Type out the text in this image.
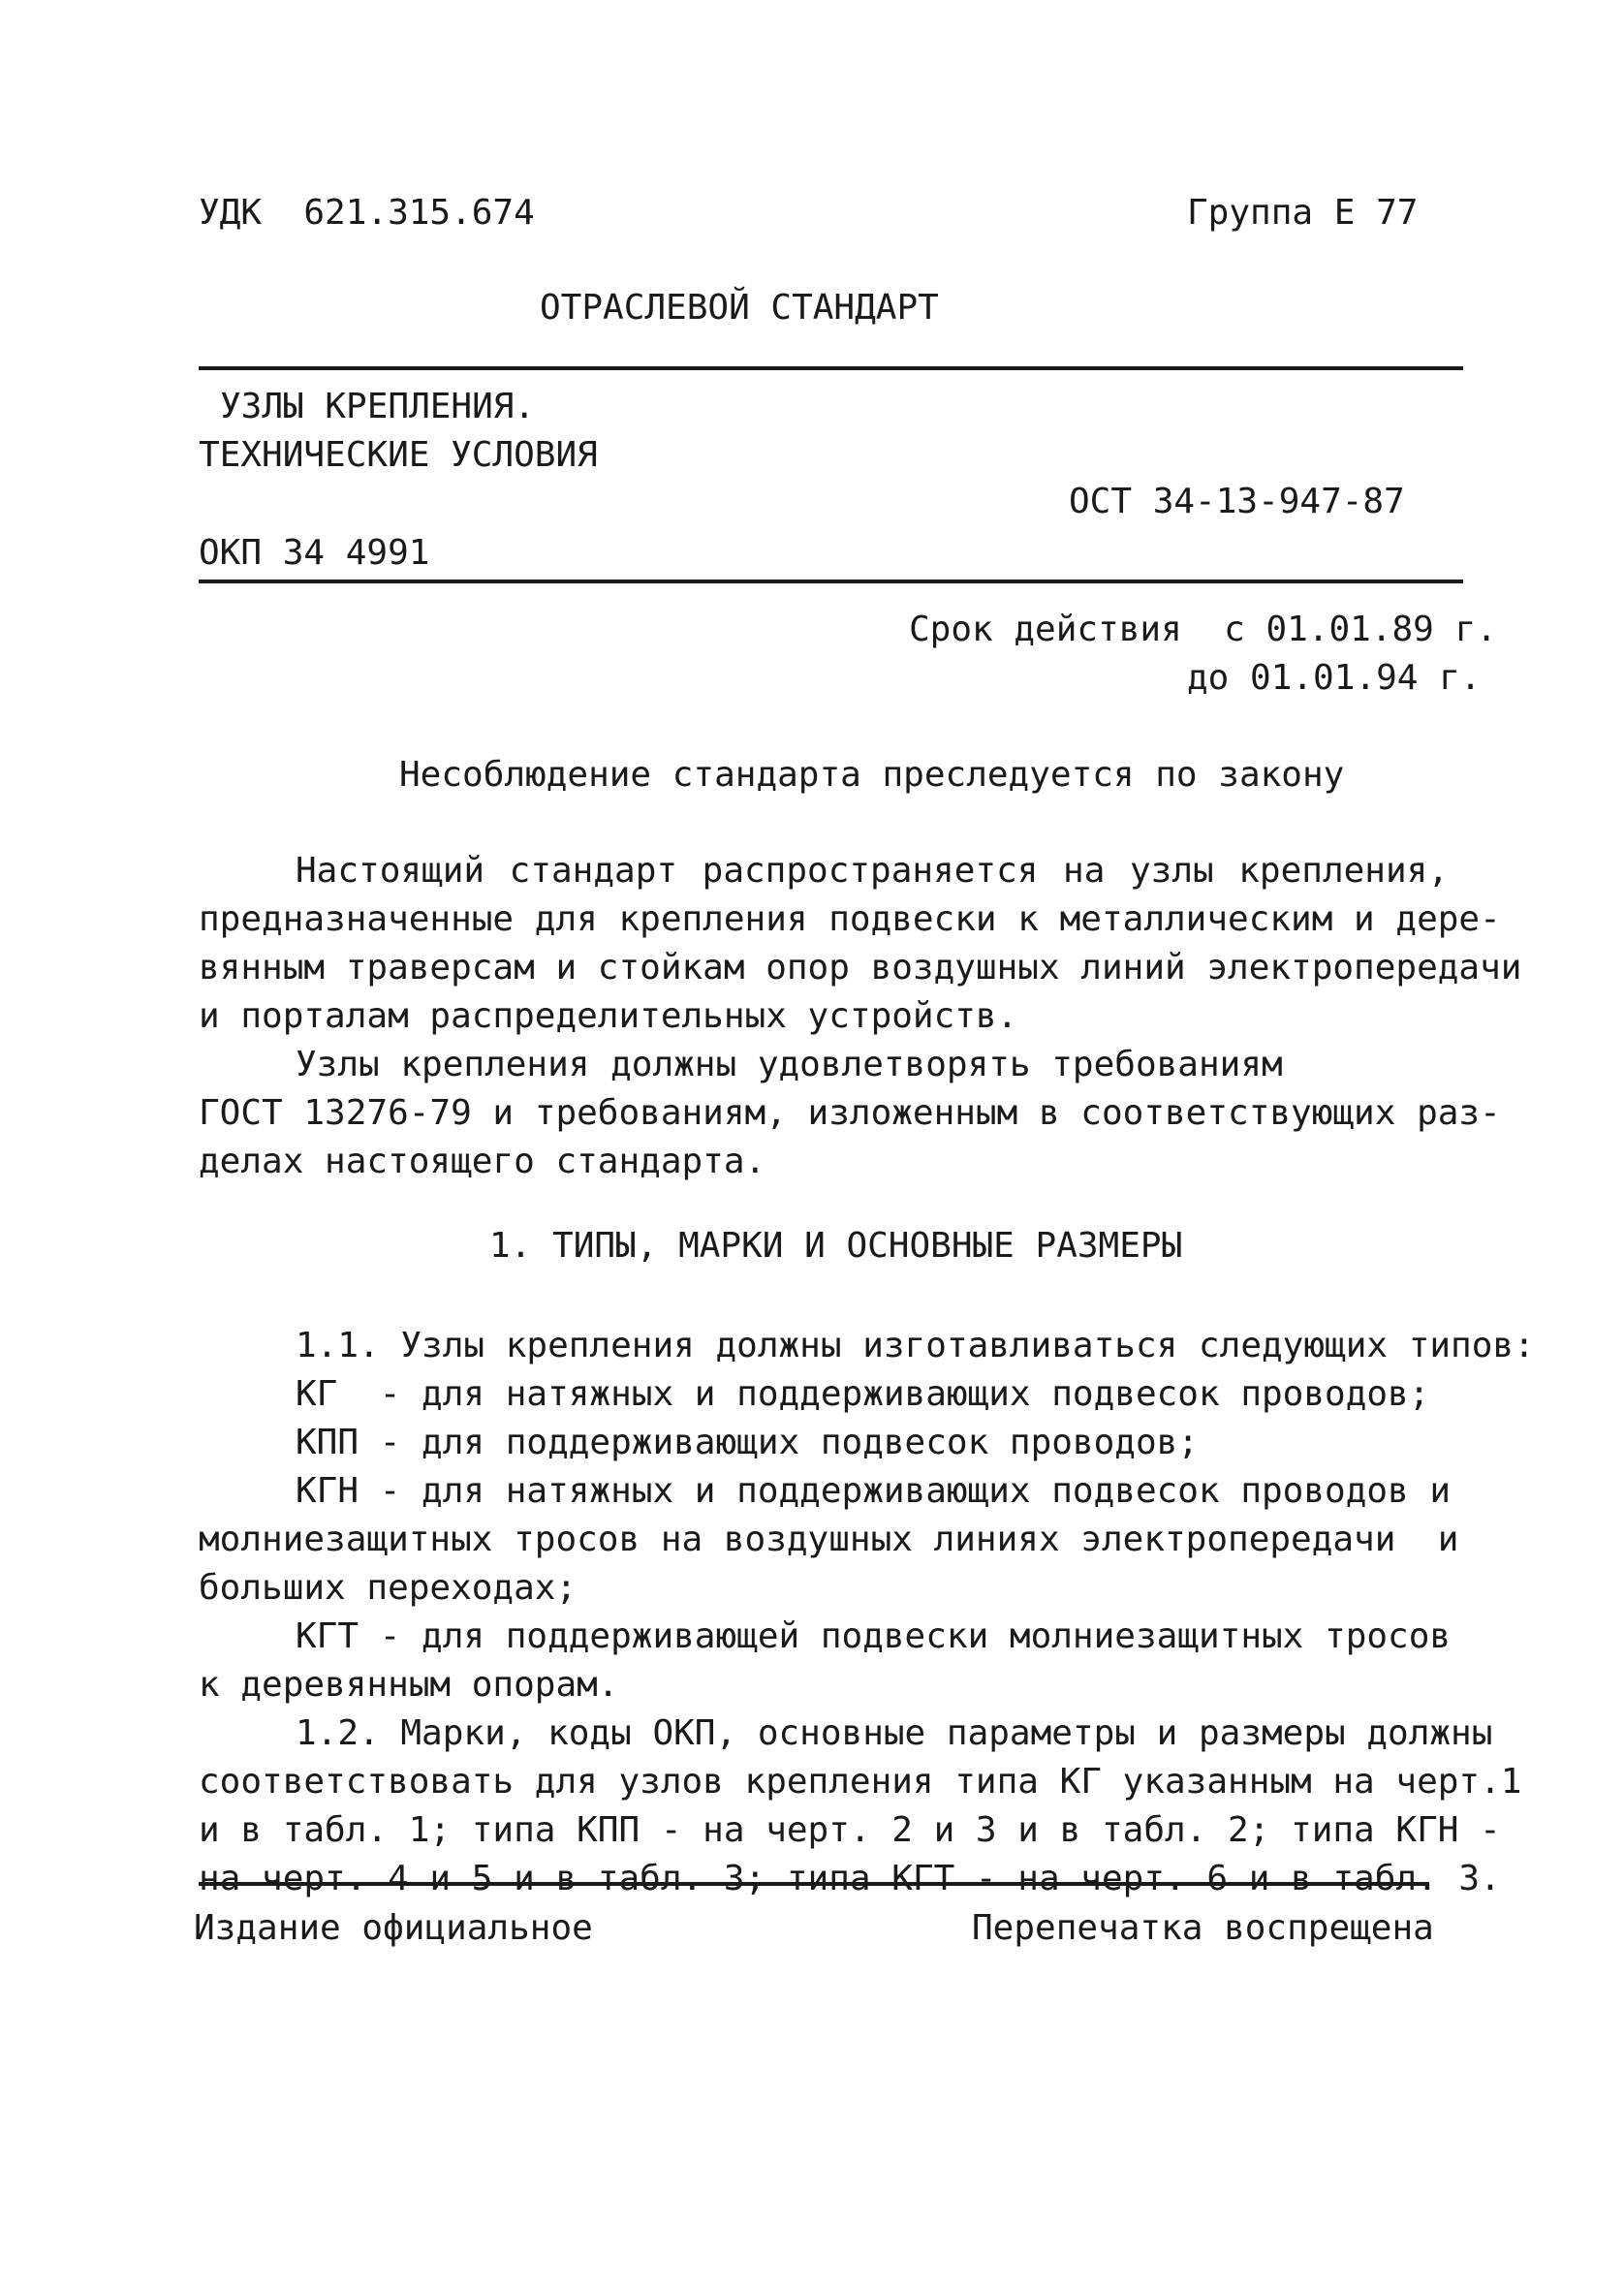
УДК  621.315.674	Группа Е 77
ОТРАСЛЕВОЙ СТАНДАРТ
УЗЛЫ КРЕПЛЕНИЯ.
ТЕХНИЧЕСКИЕ УСЛОВИЯ
ОСТ 34-13-947-87
ОКП 34 4991
Срок действия  с 01.01.89 г.
до 01.01.94 г.
Несоблюдение стандарта преследуется по закону
Настоящий стандарт распространяется на узлы крепления,
предназначенные для крепления подвески к металлическим и дере-
вянным траверсам и стойкам опор воздушных линий электропередачи
и порталам распределительных устройств.
Узлы крепления должны удовлетворять требованиям
ГОСТ 13276-79 и требованиям, изложенным в соответствующих раз-
делах настоящего стандарта.
1. ТИПЫ, МАРКИ И ОСНОВНЫЕ РАЗМЕРЫ
1.1. Узлы крепления должны изготавливаться следующих типов:
КГ  - для натяжных и поддерживающих подвесок проводов;
КПП - для поддерживающих подвесок проводов;
КГН - для натяжных и поддерживающих подвесок проводов и
молниезащитных тросов на воздушных линиях электропередачи  и
больших переходах;
КГТ - для поддерживающей подвески молниезащитных тросов
к деревянным опорам.
1.2. Марки, коды ОКП, основные параметры и размеры должны
соответствовать для узлов крепления типа КГ указанным на черт.1
и в табл. 1; типа КПП - на черт. 2 и 3 и в табл. 2; типа КГН -
на черт. 4 и 5 и в табл. 3; типа КГТ - на черт. 6 и в табл. 3.
Издание официальное	Перепечатка воспрещена
